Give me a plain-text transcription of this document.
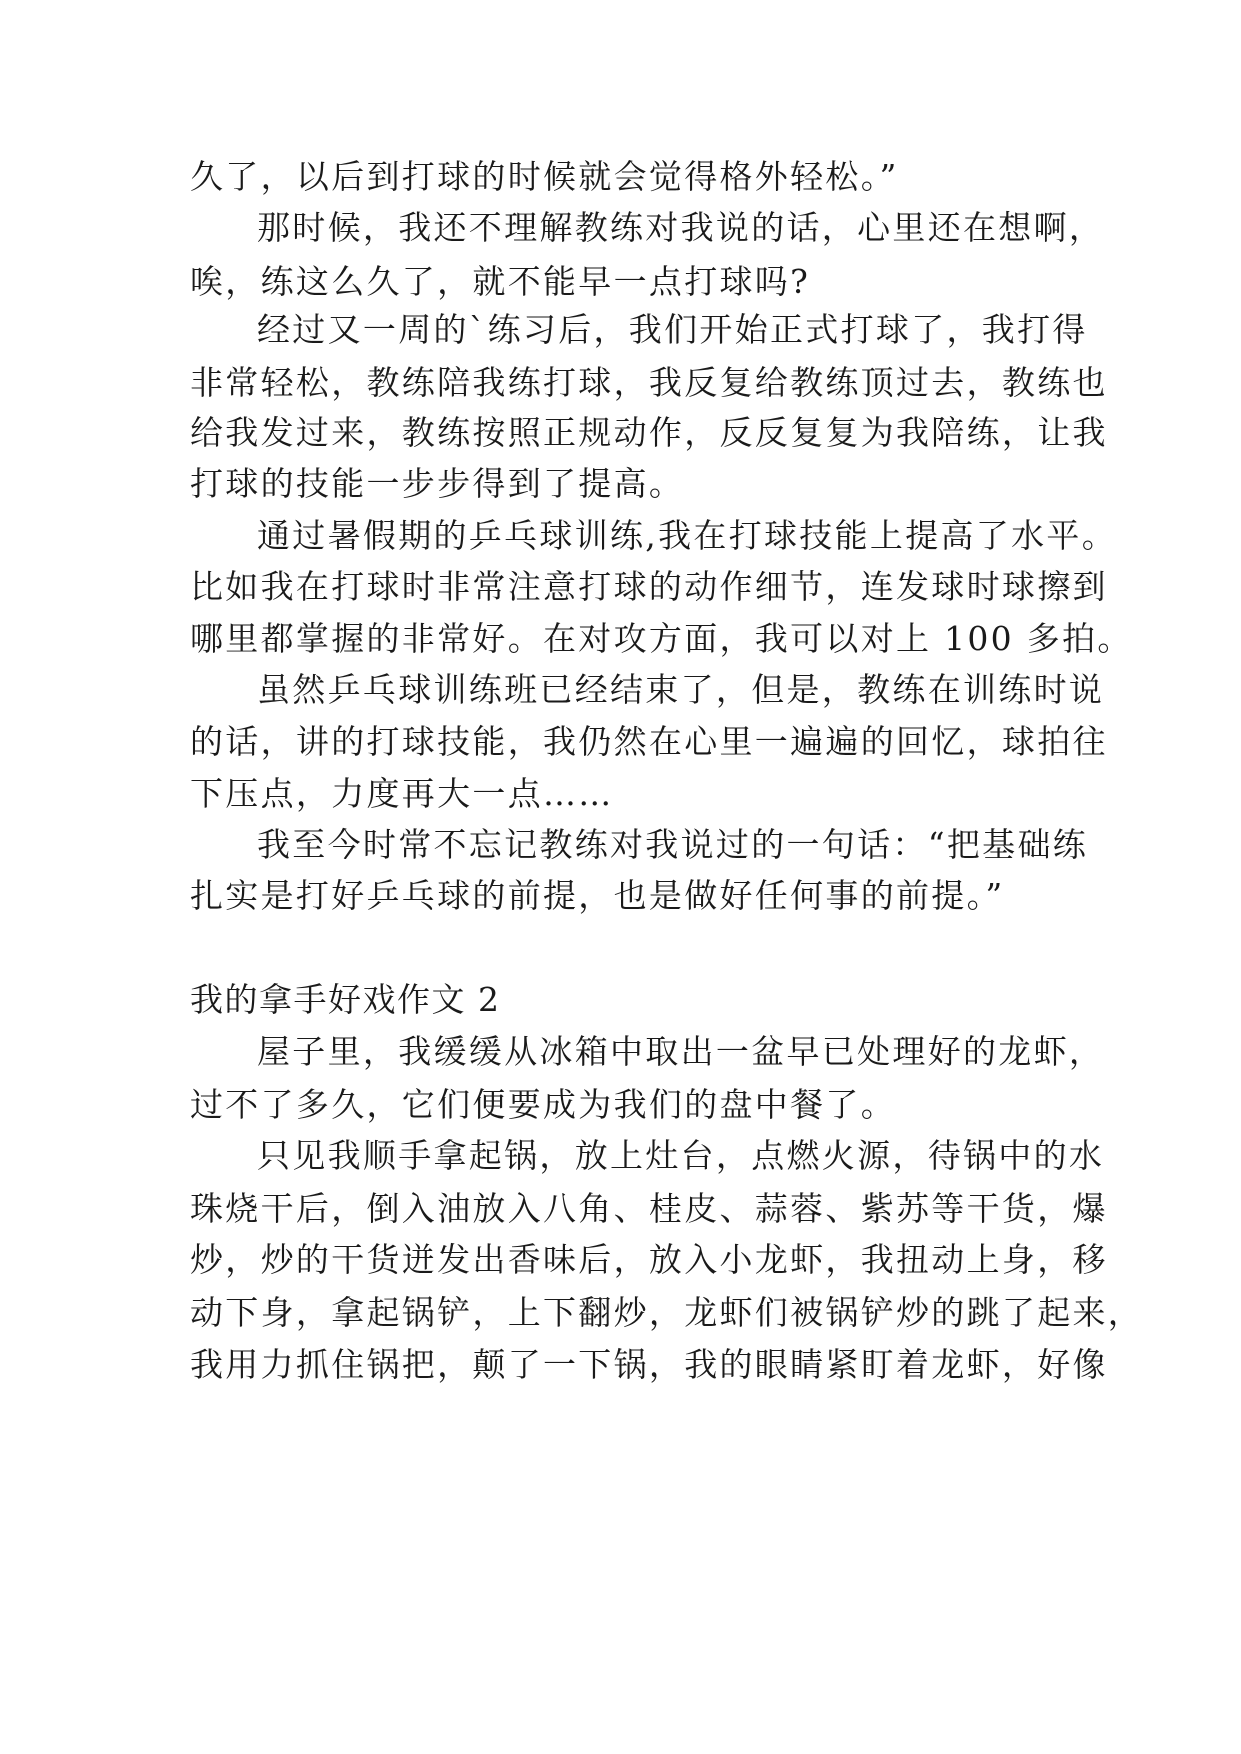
久了，以后到打球的时候就会觉得格外轻松。”
那时候，我还不理解教练对我说的话，心里还在想啊，
唉，练这么久了，就不能早一点打球吗?
经过又一周的`练习后，我们开始正式打球了，我打得
非常轻松，教练陪我练打球，我反复给教练顶过去，教练也
给我发过来，教练按照正规动作，反反复复为我陪练，让我
打球的技能一步步得到了提高。
通过暑假期的乒乓球训练,我在打球技能上提高了水平。
比如我在打球时非常注意打球的动作细节，连发球时球擦到
哪里都掌握的非常好。在对攻方面，我可以对上 100 多拍。
虽然乒乓球训练班已经结束了，但是，教练在训练时说
的话，讲的打球技能，我仍然在心里一遍遍的回忆，球拍往
下压点，力度再大一点……
我至今时常不忘记教练对我说过的一句话：“把基础练
扎实是打好乒乓球的前提，也是做好任何事的前提。”
我的拿手好戏作文 2
屋子里，我缓缓从冰箱中取出一盆早已处理好的龙虾，
过不了多久，它们便要成为我们的盘中餐了。
只见我顺手拿起锅，放上灶台，点燃火源，待锅中的水
珠烧干后，倒入油放入八角、桂皮、蒜蓉、紫苏等干货，爆
炒，炒的干货迸发出香味后，放入小龙虾，我扭动上身，移
动下身，拿起锅铲，上下翻炒，龙虾们被锅铲炒的跳了起来，
我用力抓住锅把，颠了一下锅，我的眼睛紧盯着龙虾，好像
